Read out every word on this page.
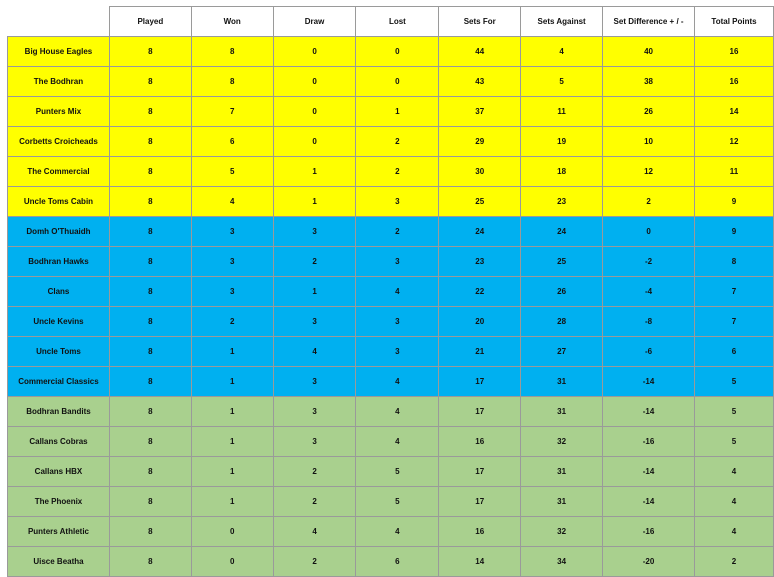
	Played	Won	Draw	Lost	Sets For	Sets Against	Set Difference + / -	Total Points
Big House Eagles	8	8	0	0	44	4	40	16
The Bodhran	8	8	0	0	43	5	38	16
Punters Mix	8	7	0	1	37	11	26	14
Corbetts Croicheads	8	6	0	2	29	19	10	12
The Commercial	8	5	1	2	30	18	12	11
Uncle Toms Cabin	8	4	1	3	25	23	2	9
Domh O'Thuaidh	8	3	3	2	24	24	0	9
Bodhran Hawks	8	3	2	3	23	25	-2	8
Clans	8	3	1	4	22	26	-4	7
Uncle Kevins	8	2	3	3	20	28	-8	7
Uncle Toms	8	1	4	3	21	27	-6	6
Commercial Classics	8	1	3	4	17	31	-14	5
Bodhran Bandits	8	1	3	4	17	31	-14	5
Callans Cobras	8	1	3	4	16	32	-16	5
Callans HBX	8	1	2	5	17	31	-14	4
The Phoenix	8	1	2	5	17	31	-14	4
Punters Athletic	8	0	4	4	16	32	-16	4
Uisce Beatha	8	0	2	6	14	34	-20	2
